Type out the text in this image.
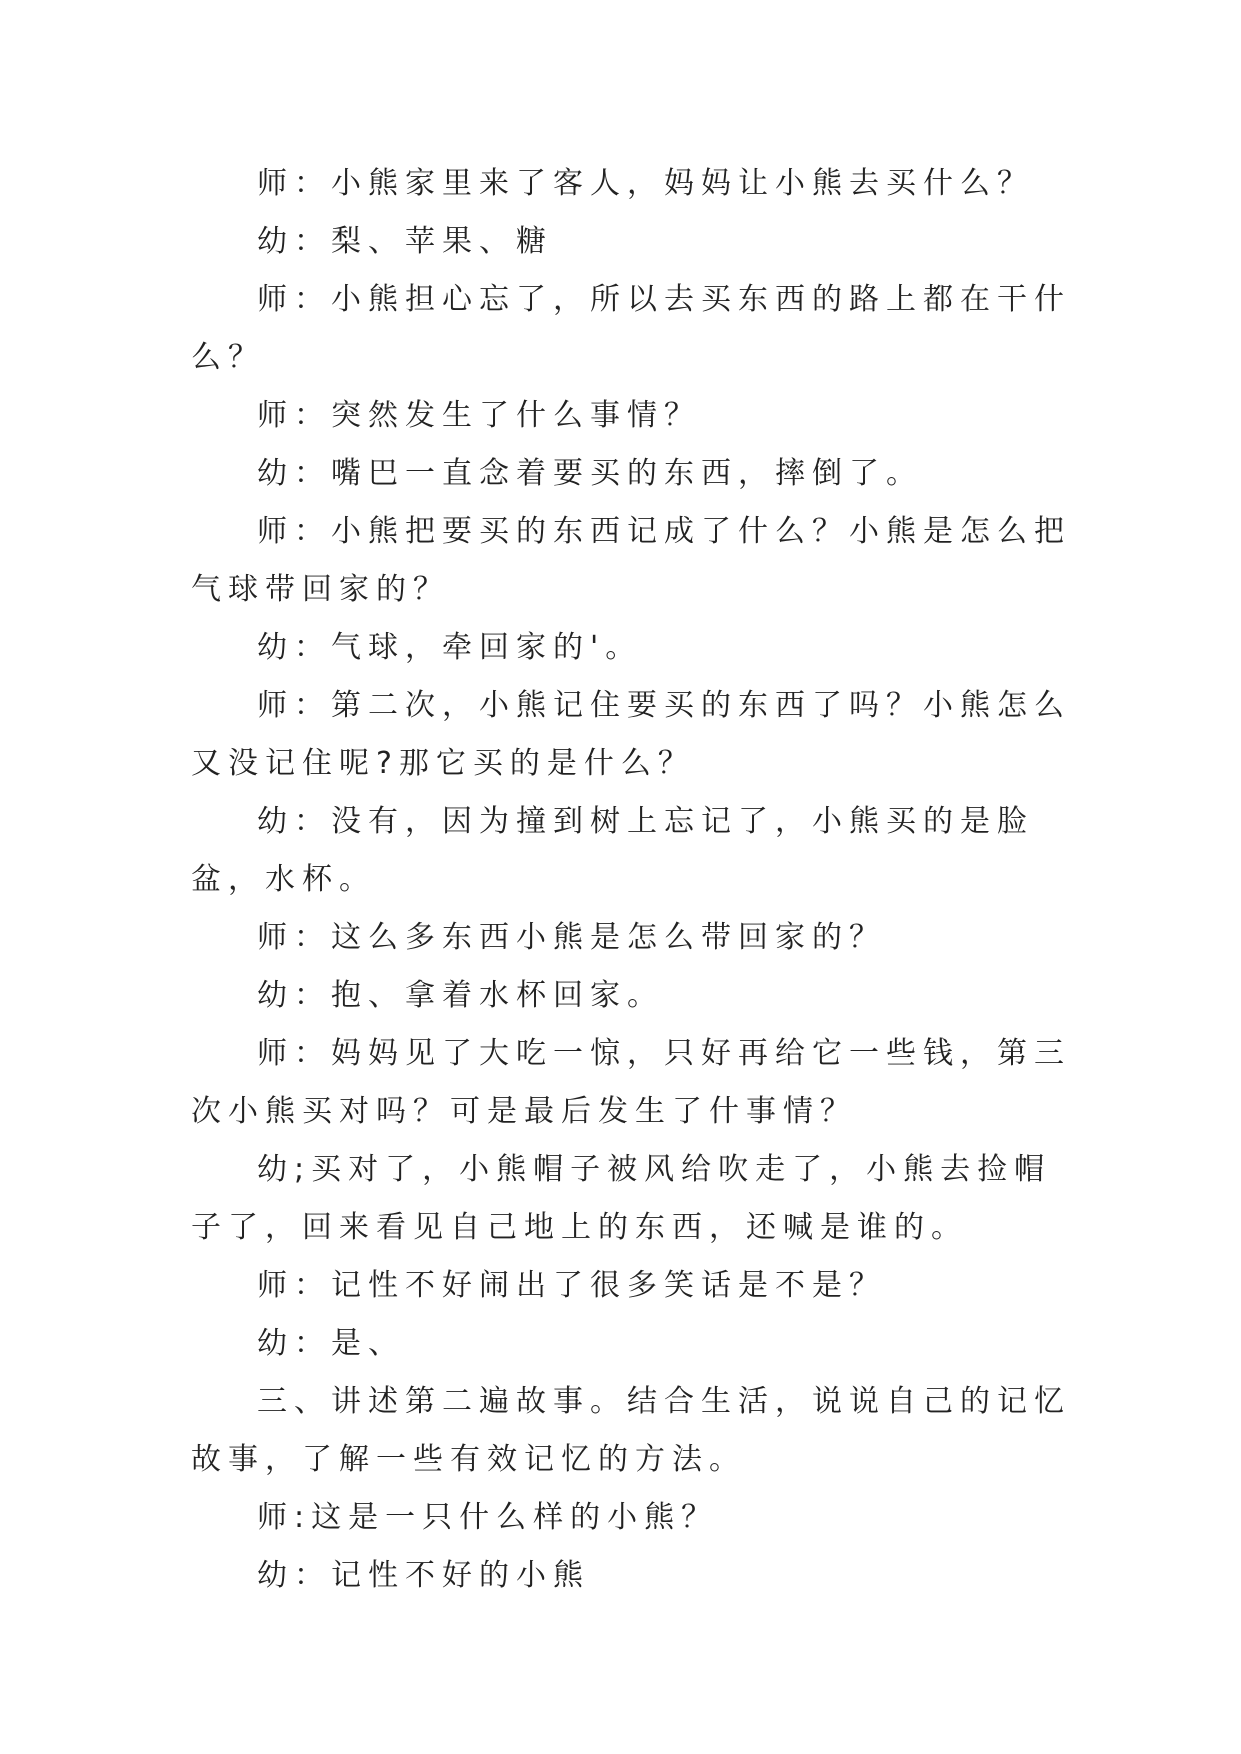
师：小熊家里来了客人，妈妈让小熊去买什么？

幼：梨、苹果、糖

师：小熊担心忘了，所以去买东西的路上都在干什么？

师：突然发生了什么事情？

幼：嘴巴一直念着要买的东西，摔倒了。

师：小熊把要买的东西记成了什么？小熊是怎么把气球带回家的？

幼：气球，牵回家的'。

师：第二次，小熊记住要买的东西了吗？小熊怎么又没记住呢?那它买的是什么？

幼：没有，因为撞到树上忘记了，小熊买的是脸盆，水杯。

师：这么多东西小熊是怎么带回家的？

幼：抱、拿着水杯回家。

师：妈妈见了大吃一惊，只好再给它一些钱，第三次小熊买对吗？可是最后发生了什事情？

幼;买对了，小熊帽子被风给吹走了，小熊去捡帽子了，回来看见自己地上的东西，还喊是谁的。

师：记性不好闹出了很多笑话是不是？

幼：是、

三、讲述第二遍故事。结合生活，说说自己的记忆故事，了解一些有效记忆的方法。

师:这是一只什么样的小熊？

幼：记性不好的小熊
